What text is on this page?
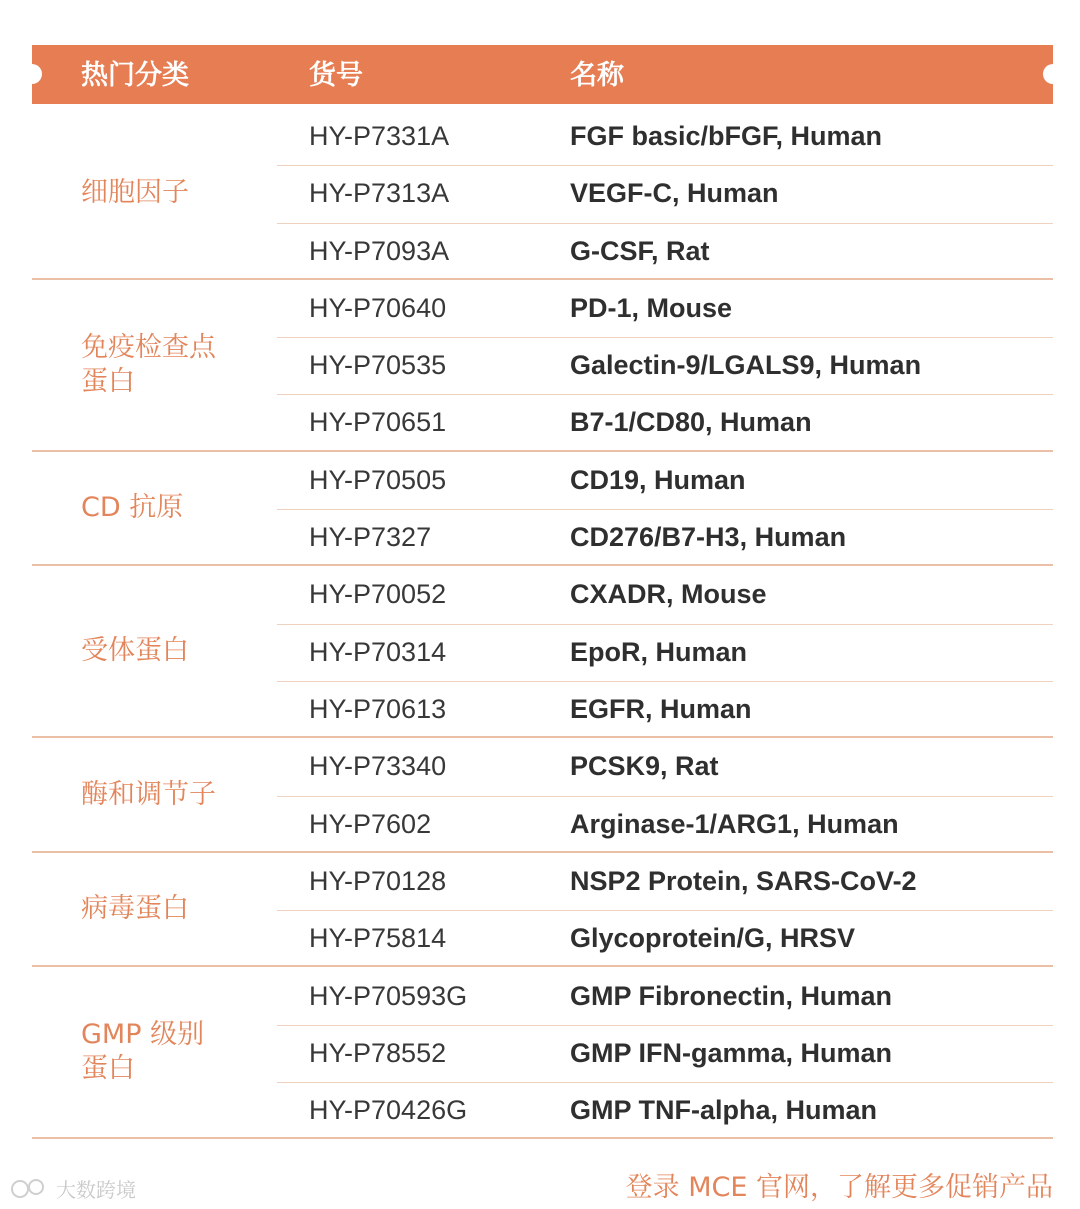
热门分类	货号	名称
细胞因子
HY-P7331A	FGF basic/bFGF, Human
HY-P7313A	VEGF-C, Human
HY-P7093A	G-CSF, Rat
免疫检查点
蛋白
HY-P70640	PD-1, Mouse
HY-P70535	Galectin-9/LGALS9, Human
HY-P70651	B7-1/CD80, Human
CD 抗原
HY-P70505	CD19, Human
HY-P7327	CD276/B7-H3, Human
受体蛋白
HY-P70052	CXADR, Mouse
HY-P70314	EpoR, Human
HY-P70613	EGFR, Human
酶和调节子
HY-P73340	PCSK9, Rat
HY-P7602	Arginase-1/ARG1, Human
病毒蛋白
HY-P70128	NSP2 Protein, SARS-CoV-2
HY-P75814	Glycoprotein/G, HRSV
GMP 级别
蛋白
HY-P70593G	GMP Fibronectin, Human
HY-P78552	GMP IFN-gamma, Human
HY-P70426G	GMP TNF-alpha, Human
大数跨境	登录 MCE 官网，了解更多促销产品
